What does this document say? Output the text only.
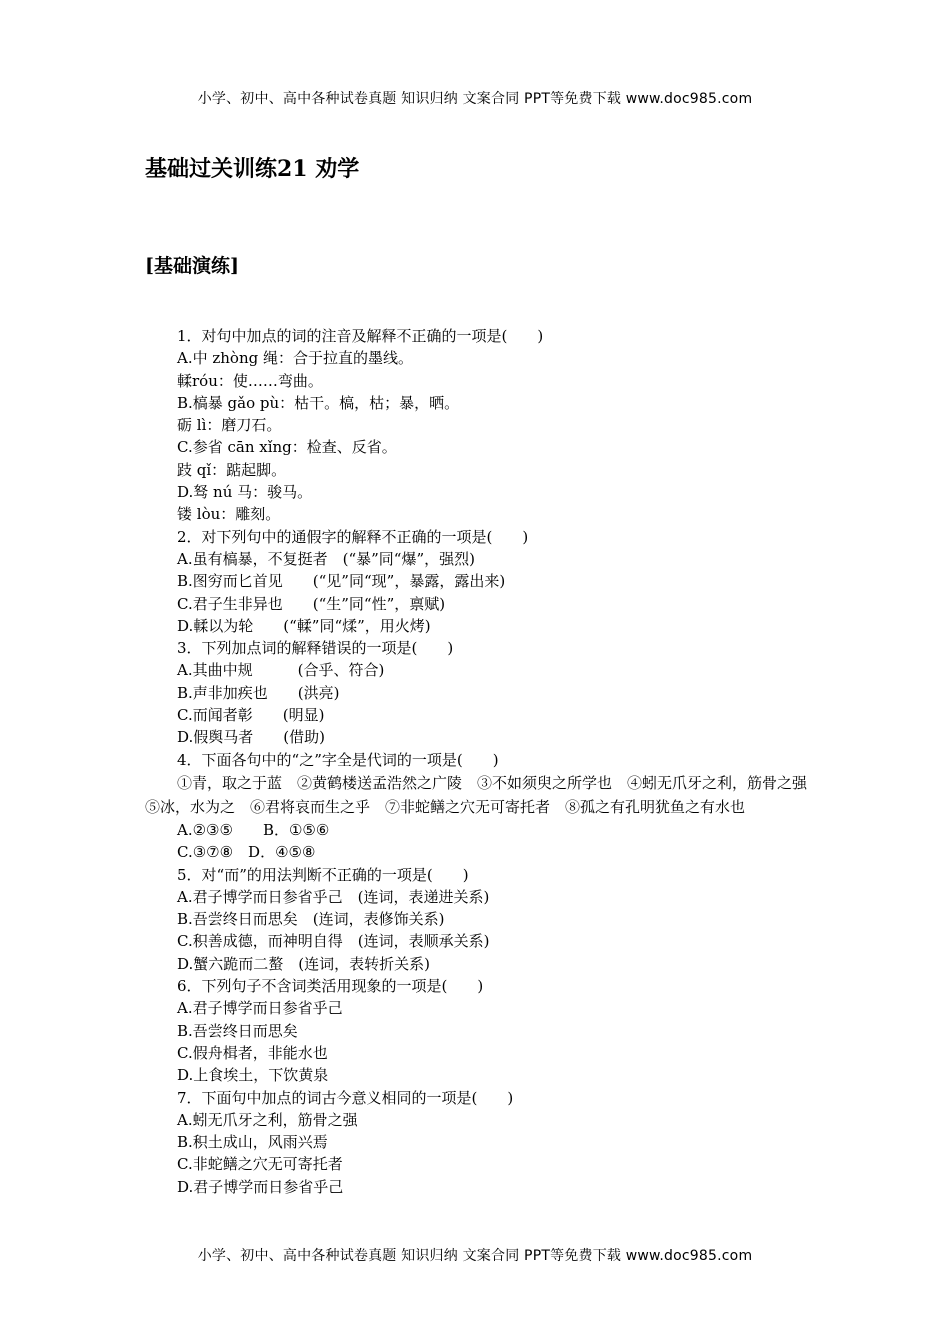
小学、初中、高中各种试卷真题 知识归纳 文案合同 PPT等免费下载 www.doc985.com
基础过关训练21 劝学
[基础演练]
1．对句中加点的词的注音及解释不正确的一项是(　　)
A.中 zhòng 绳：合于拉直的墨线。
輮róu：使……弯曲。
B.槁暴 gǎo pù：枯干。槁，枯；暴，晒。
砺 lì：磨刀石。
C.参省 cān xǐng：检查、反省。
跂 qǐ：踮起脚。
D.驽 nú 马：骏马。
镂 lòu：雕刻。
2．对下列句中的通假字的解释不正确的一项是(　　)
A.虽有槁暴，不复挺者　(“暴”同“爆”，强烈)
B.图穷而匕首见　　(“见”同“现”，暴露，露出来)
C.君子生非异也　　(“生”同“性”，禀赋)
D.輮以为轮　　(“輮”同“煣”，用火烤)
3．下列加点词的解释错误的一项是(　　)
A.其曲中规　　　(合乎、符合)
B.声非加疾也　　(洪亮)
C.而闻者彰　　(明显)
D.假舆马者　　(借助)
4．下面各句中的“之”字全是代词的一项是(　　)
①青，取之于蓝　②黄鹤楼送孟浩然之广陵　③不如须臾之所学也　④蚓无爪牙之利，筋骨之强　⑤冰，水为之　⑥君将哀而生之乎　⑦非蛇鳝之穴无可寄托者　⑧孤之有孔明犹鱼之有水也
A.②③⑤　　B．①⑤⑥
C.③⑦⑧　D．④⑤⑧
5．对“而”的用法判断不正确的一项是(　　)
A.君子博学而日参省乎己　(连词，表递进关系)
B.吾尝终日而思矣　(连词，表修饰关系)
C.积善成德，而神明自得　(连词，表顺承关系)
D.蟹六跪而二螯　(连词，表转折关系)
6．下列句子不含词类活用现象的一项是(　　)
A.君子博学而日参省乎己
B.吾尝终日而思矣
C.假舟楫者，非能水也
D.上食埃土，下饮黄泉
7．下面句中加点的词古今意义相同的一项是(　　)
A.蚓无爪牙之利，筋骨之强
B.积土成山，风雨兴焉
C.非蛇鳝之穴无可寄托者
D.君子博学而日参省乎己
小学、初中、高中各种试卷真题 知识归纳 文案合同 PPT等免费下载 www.doc985.com
